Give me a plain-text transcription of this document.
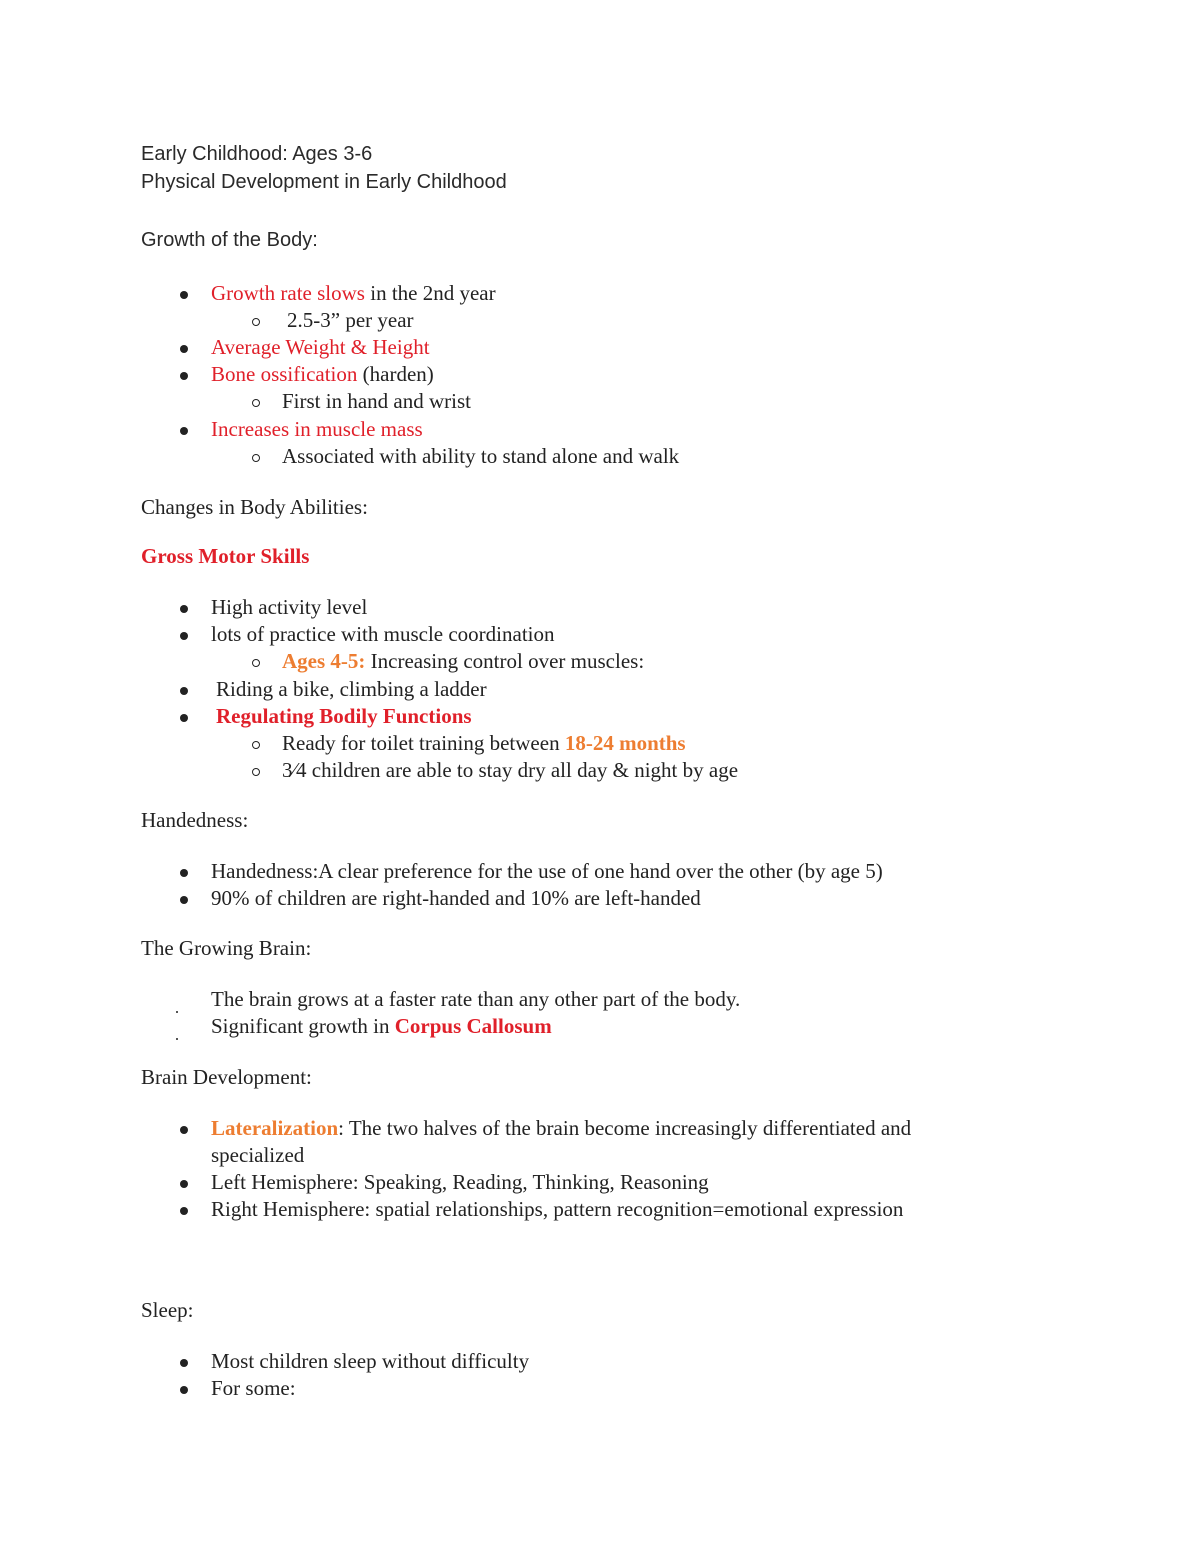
Early Childhood: Ages 3-6
Physical Development in Early Childhood
Growth of the Body:
Growth rate slows in the 2nd year
2.5-3” per year
Average Weight & Height
Bone ossification (harden)
First in hand and wrist
Increases in muscle mass
Associated with ability to stand alone and walk
Changes in Body Abilities:
Gross Motor Skills
High activity level
lots of practice with muscle coordination
Ages 4-5: Increasing control over muscles:
Riding a bike, climbing a ladder
Regulating Bodily Functions
Ready for toilet training between 18-24 months
3⁄4 children are able to stay dry all day & night by age
Handedness:
Handedness:A clear preference for the use of one hand over the other (by age 5)
90% of children are right-handed and 10% are left-handed
The Growing Brain:
The brain grows at a faster rate than any other part of the body.
Significant growth in Corpus Callosum
Brain Development:
Lateralization: The two halves of the brain become increasingly differentiated and
specialized
Left Hemisphere: Speaking, Reading, Thinking, Reasoning
Right Hemisphere: spatial relationships, pattern recognition=emotional expression
Sleep:
Most children sleep without difficulty
For some:
